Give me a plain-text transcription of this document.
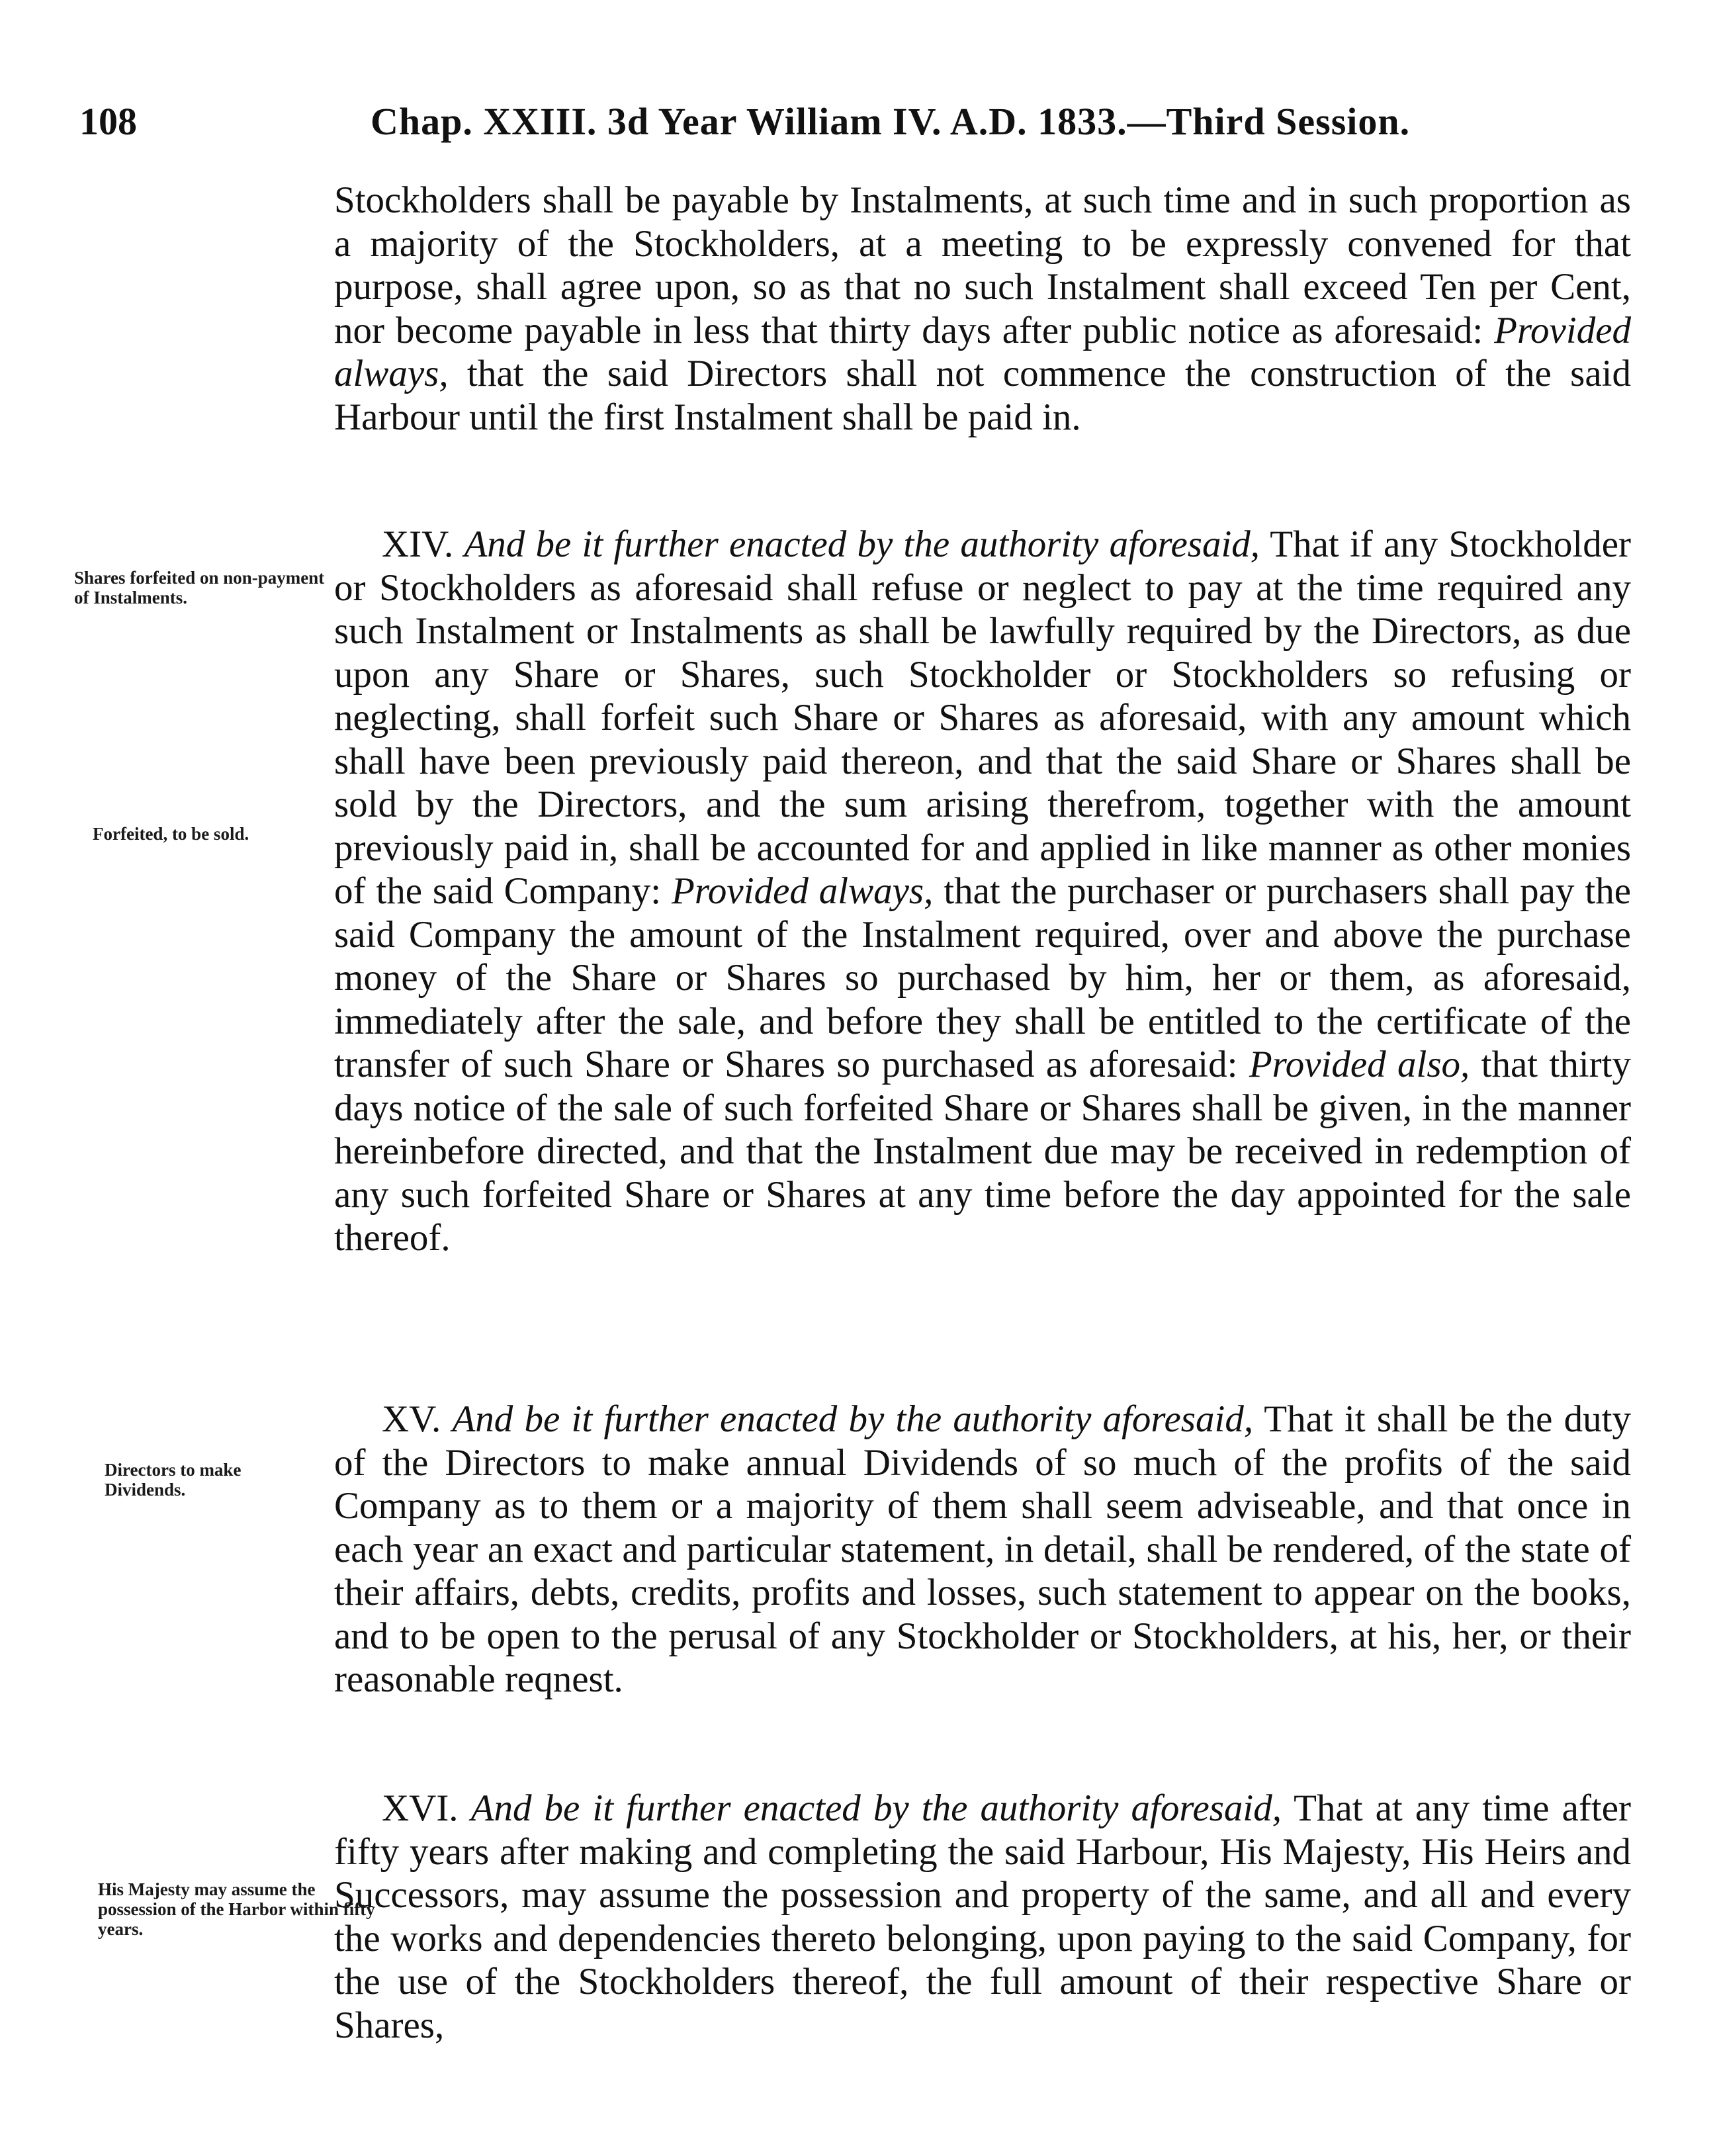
108	Chap. XXIII. 3d Year William IV. A.D. 1833.—Third Session.

Stockholders shall be payable by Instalments, at such time and in such proportion as a majority of the Stockholders, at a meeting to be expressly convened for that purpose, shall agree upon, so as that no such Instalment shall exceed Ten per Cent, nor become payable in less that thirty days after public notice as aforesaid: Provided always, that the said Directors shall not commence the construction of the said Harbour until the first Instalment shall be paid in.

XIV. And be it further enacted by the authority aforesaid, That if any Stockholder or Stockholders as aforesaid shall refuse or neglect to pay at the time required any such Instalment or Instalments as shall be lawfully required by the Directors, as due upon any Share or Shares, such Stockholder or Stockholders so refusing or neglecting, shall forfeit such Share or Shares as aforesaid, with any amount which shall have been previously paid thereon, and that the said Share or Shares shall be sold by the Directors, and the sum arising therefrom, together with the amount previously paid in, shall be accounted for and applied in like manner as other monies of the said Company: Provided always, that the purchaser or purchasers shall pay the said Company the amount of the Instalment required, over and above the purchase money of the Share or Shares so purchased by him, her or them, as aforesaid, immediately after the sale, and before they shall be entitled to the certificate of the transfer of such Share or Shares so purchased as aforesaid: Provided also, that thirty days notice of the sale of such forfeited Share or Shares shall be given, in the manner hereinbefore directed, and that the Instalment due may be received in redemption of any such forfeited Share or Shares at any time before the day appointed for the sale thereof.

XV. And be it further enacted by the authority aforesaid, That it shall be the duty of the Directors to make annual Dividends of so much of the profits of the said Company as to them or a majority of them shall seem adviseable, and that once in each year an exact and particular statement, in detail, shall be rendered, of the state of their affairs, debts, credits, profits and losses, such statement to appear on the books, and to be open to the perusal of any Stockholder or Stockholders, at his, her, or their reasonable reqnest.

XVI. And be it further enacted by the authority aforesaid, That at any time after fifty years after making and completing the said Harbour, His Majesty, His Heirs and Successors, may assume the possession and property of the same, and all and every the works and dependencies thereto belonging, upon paying to the said Company, for the use of the Stockholders thereof, the full amount of their respective Share or Shares,

Shares forfeited on non-payment of Instalments.
Forfeited, to be sold.
Directors to make Dividends.
His Majesty may assume the possession of the Harbor within fifty years.
